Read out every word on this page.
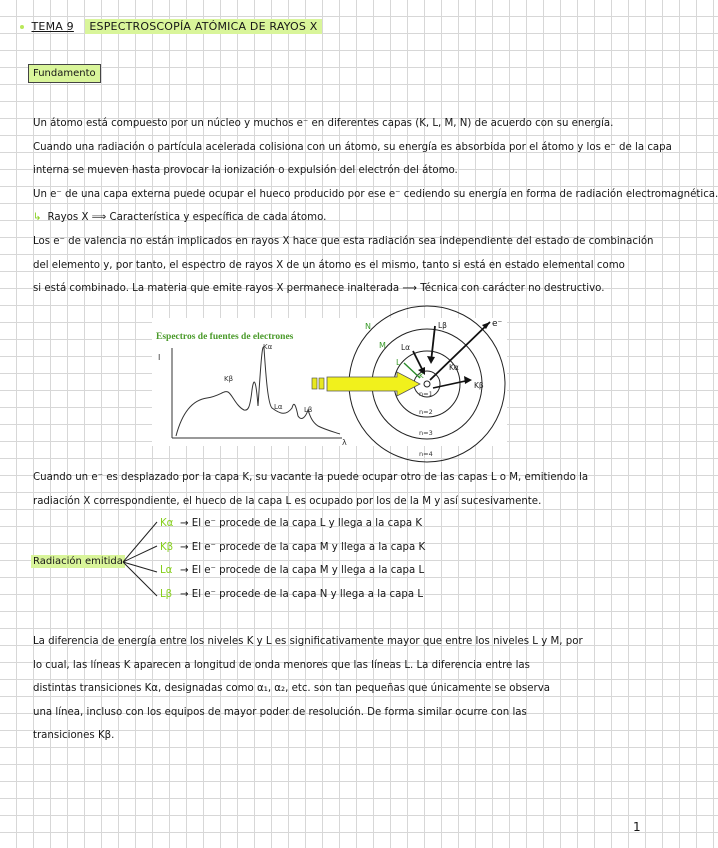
TEMA 9 ESPECTROSCOPÍA ATÓMICA DE RAYOS X
Fundamento
Un átomo está compuesto por un núcleo y muchos e⁻ en diferentes capas (K, L, M, N) de acuerdo con su energía.
Cuando una radiación o partícula acelerada colisiona con un átomo, su energía es absorbida por el átomo y los e⁻ de la capa
interna se mueven hasta provocar la ionización o expulsión del electrón del átomo.
Un e⁻ de una capa externa puede ocupar el hueco producido por ese e⁻ cediendo su energía en forma de radiación electromagnética.
↳ Rayos X ⟹ Característica y específica de cada átomo.
Los e⁻ de valencia no están implicados en rayos X hace que esta radiación sea independiente del estado de combinación
del elemento y, por tanto, el espectro de rayos X de un átomo es el mismo, tanto si está en estado elemental como
si está combinado. La materia que emite rayos X permanece inalterada ⟶ Técnica con carácter no destructivo.
Espectros de fuentes de electrones
I
λ
Kβ
Kα
Lα	Lβ
e⁻
N
M
L
K
Lβ
Lα
Kα
Kβ
n=1
n=2
n=3
n=4
Cuando un e⁻ es desplazado por la capa K, su vacante la puede ocupar otro de las capas L o M, emitiendo la
radiación X correspondiente, el hueco de la capa L es ocupado por los de la M y así sucesivamente.
Radiación emitida
Kα → El e⁻ procede de la capa L y llega a la capa K
Kβ → El e⁻ procede de la capa M y llega a la capa K
Lα → El e⁻ procede de la capa M y llega a la capa L
Lβ → El e⁻ procede de la capa N y llega a la capa L
La diferencia de energía entre los niveles K y L es significativamente mayor que entre los niveles L y M, por
lo cual, las líneas K aparecen a longitud de onda menores que las líneas L. La diferencia entre las
distintas transiciones Kα, designadas como α₁, α₂, etc. son tan pequeñas que únicamente se observa
una línea, incluso con los equipos de mayor poder de resolución. De forma similar ocurre con las
transiciones Kβ.
1
